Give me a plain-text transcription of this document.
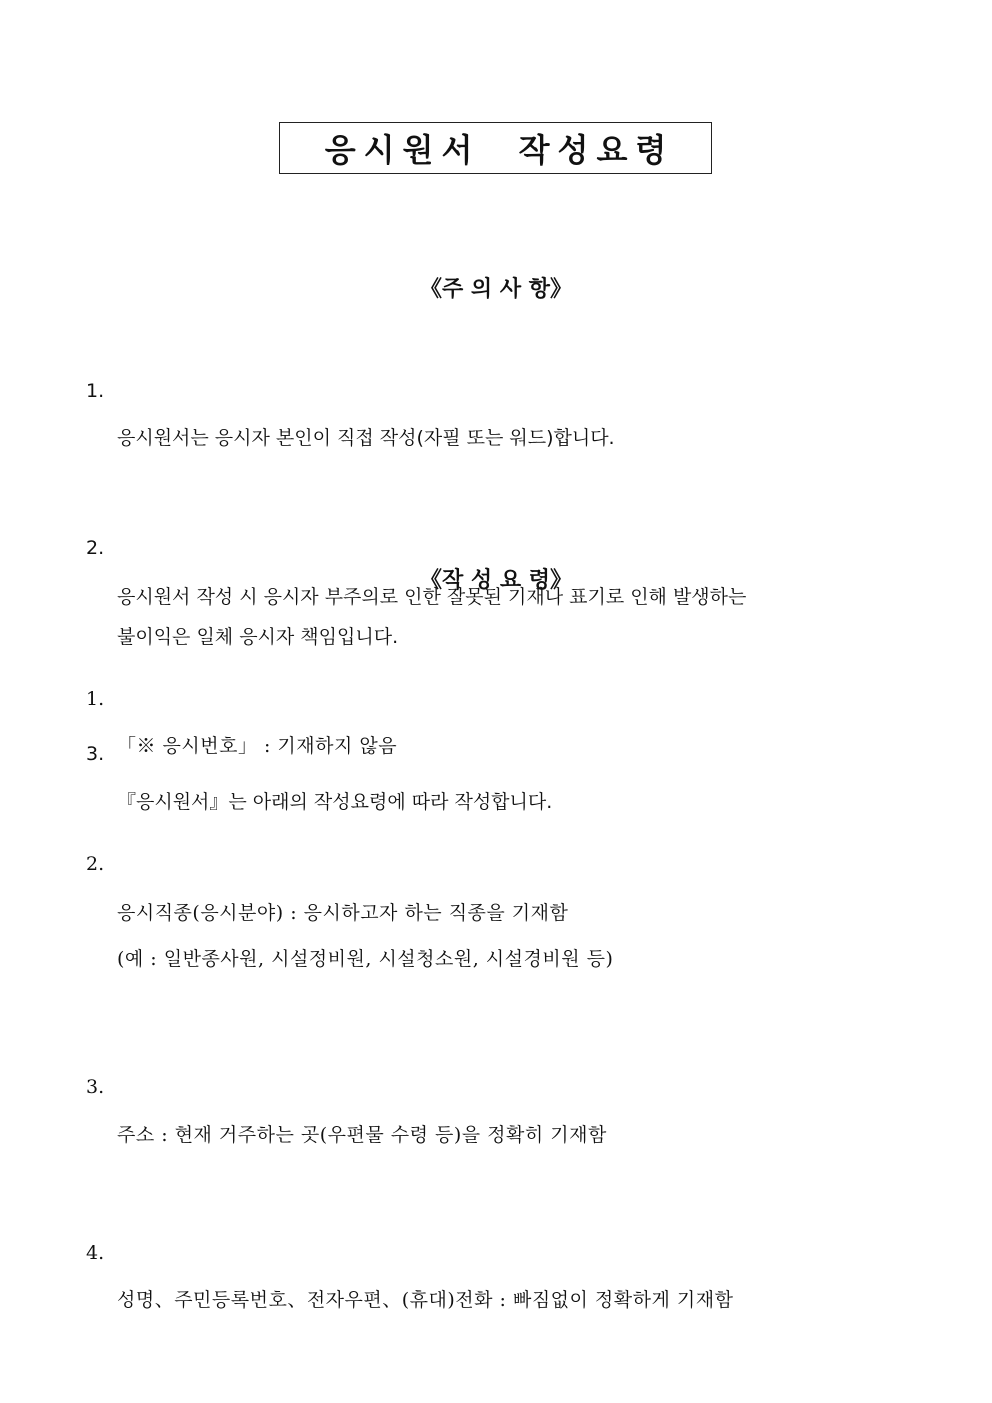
응시원서  작성요령
《주 의 사 항》

1.

응시원서는 응시자 본인이 직접 작성(자필 또는 워드)합니다.

2.

응시원서 작성 시 응시자 부주의로 인한 잘못된 기재나 표기로 인해 발생하는
불이익은 일체 응시자 책임입니다.

3.

『응시원서』는 아래의 작성요령에 따라 작성합니다.

《작 성 요 령》

1.

「※ 응시번호」 : 기재하지 않음

2.

응시직종(응시분야) : 응시하고자 하는 직종을 기재함
(예 : 일반종사원, 시설정비원, 시설청소원, 시설경비원 등)

3.

주소 : 현재 거주하는 곳(우편물 수령 등)을 정확히 기재함

4.

성명、주민등록번호、전자우편、(휴대)전화 : 빠짐없이 정확하게 기재함
